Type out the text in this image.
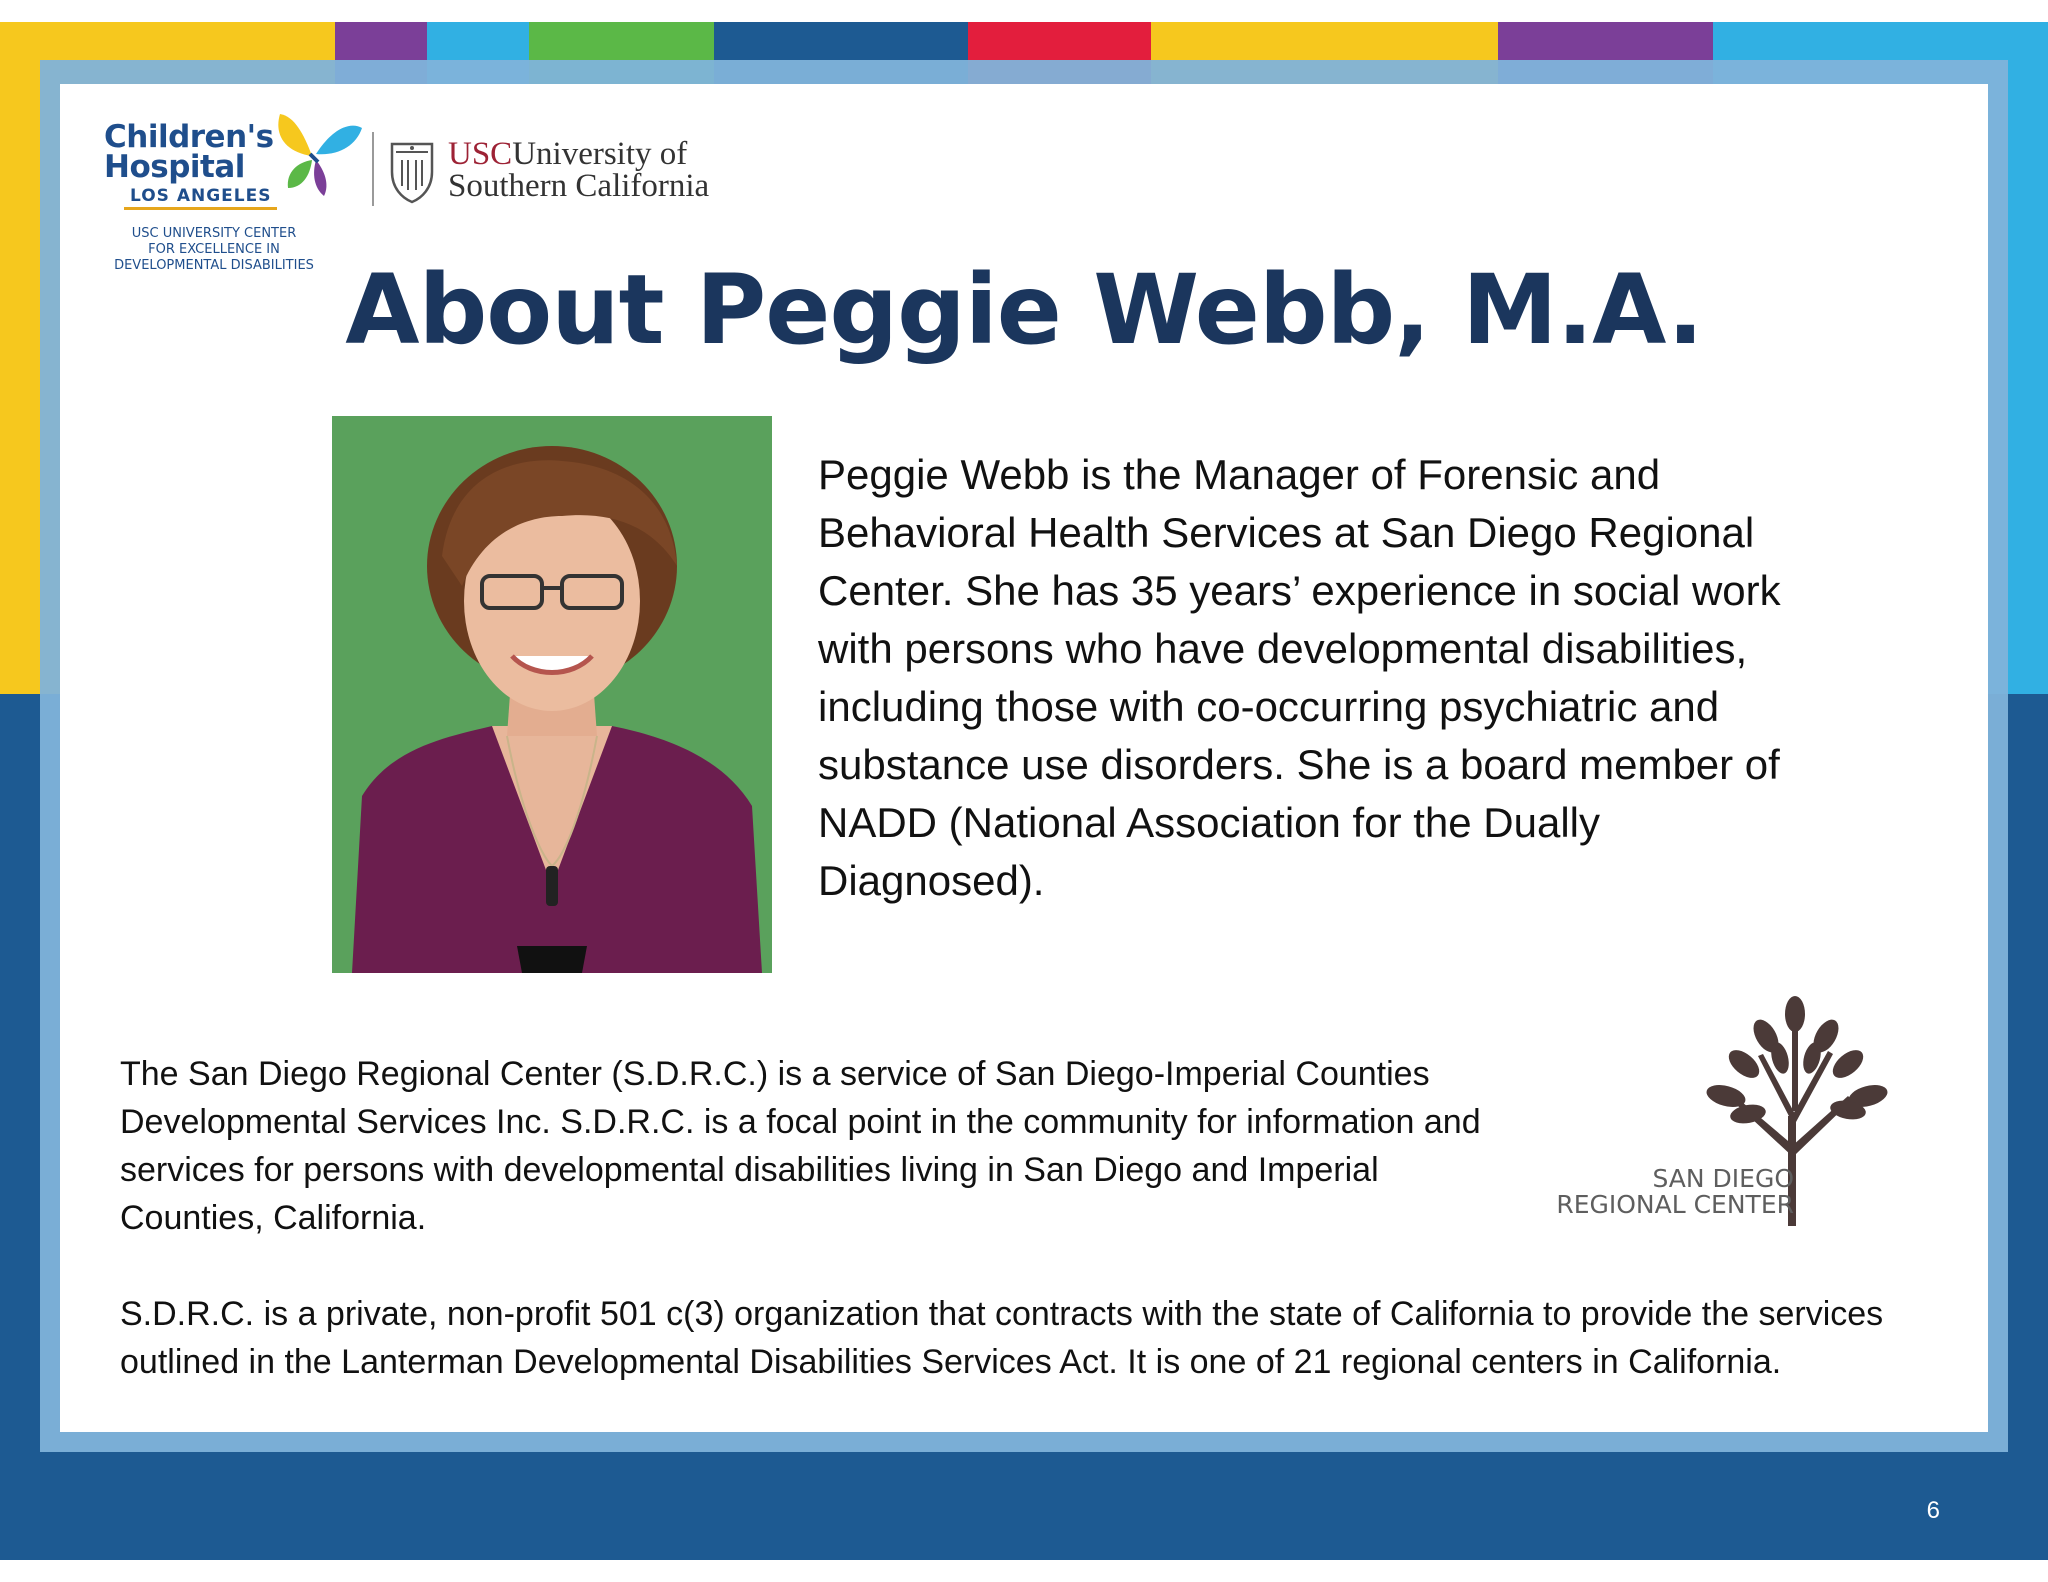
Children's
Hospital
LOS ANGELES
USC UNIVERSITY CENTER
FOR EXCELLENCE IN
DEVELOPMENTAL DISABILITIES
USCUniversity of
Southern California
About Peggie Webb, M.A.

Peggie Webb is the Manager of Forensic and Behavioral Health Services at San Diego Regional Center. She has 35 years’ experience in social work with persons who have developmental disabilities, including those with co-occurring psychiatric and substance use disorders. She is a board member of NADD (National Association for the Dually Diagnosed).

The San Diego Regional Center (S.D.R.C.) is a service of San Diego-Imperial Counties Developmental Services Inc. S.D.R.C. is a focal point in the community for information and services for persons with developmental disabilities living in San Diego and Imperial Counties, California.

S.D.R.C. is a private, non-profit 501 c(3) organization that contracts with the state of California to provide the services outlined in the Lanterman Developmental Disabilities Services Act. It is one of 21 regional centers in California.

SAN DIEGO
REGIONAL CENTER
6
